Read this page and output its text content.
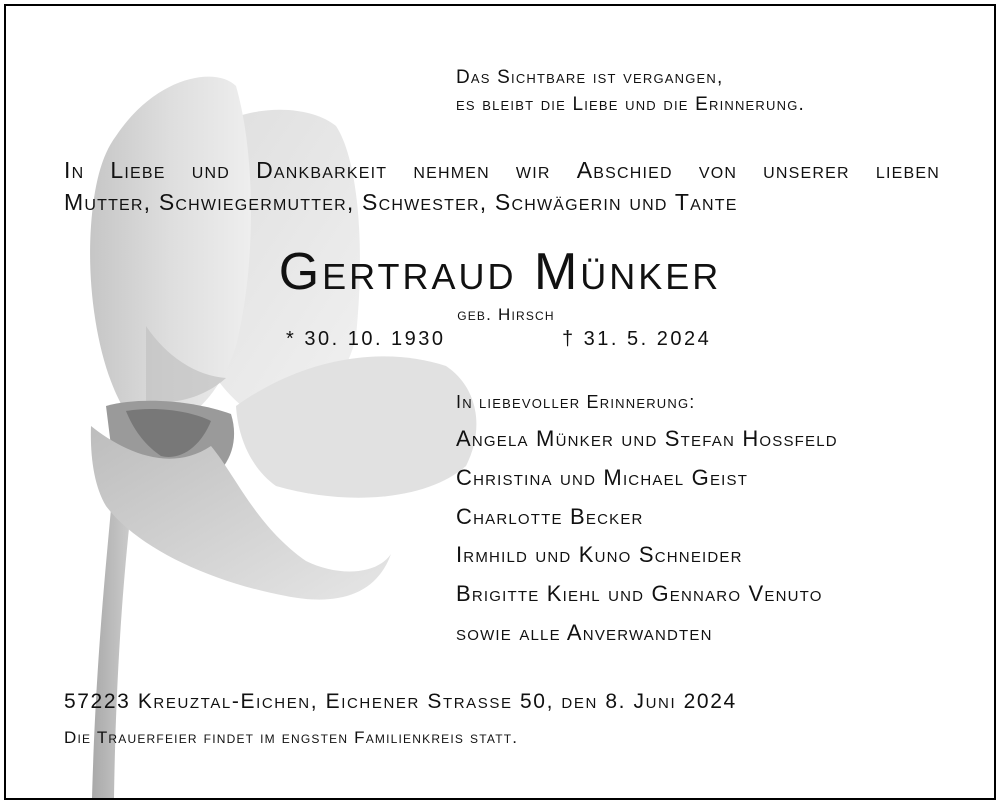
Das Sichtbare ist vergangen,
es bleibt die Liebe und die Erinnerung.
In Liebe und Dankbarkeit nehmen wir Abschied von unserer lieben
Mutter, Schwiegermutter, Schwester, Schwägerin und Tante
Gertraud Münker
geb. Hirsch
* 30. 10. 1930	† 31. 5. 2024
In liebevoller Erinnerung:
Angela Münker und Stefan Hossfeld
Christina und Michael Geist
Charlotte Becker
Irmhild und Kuno Schneider
Brigitte Kiehl und Gennaro Venuto
sowie alle Anverwandten
57223 Kreuztal-Eichen, Eichener Strasse 50, den 8. Juni 2024
Die Trauerfeier findet im engsten Familienkreis statt.
